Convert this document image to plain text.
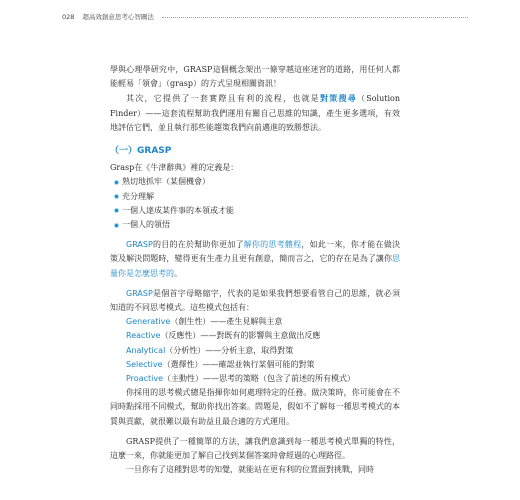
028 超高效創意思考心智圖法

學與心理學研究中，GRASP這個概念架出一條穿越這座迷宮的道路，用任何人都能輕易「領會」（grasp）的方式呈現相關資訊！

其次，它提供了一套實際且有利的流程，也就是對策搜尋（Solution Finder）——這套流程幫助我們運用有關自己思維的知識，產生更多選項，有效地評估它們，並且執行那些能趨策我們向前邁進的致勝想法。

（一）GRASP

Grasp在《牛津辭典》裡的定義是：

熟切地抓牢（某個機會）
充分理解
一個人達成某件事的本領或才能
一個人的領悟

GRASP的目的在於幫助你更加了解你的思考體程，如此一來，你才能在做決策及解決問題時，變得更有生產力且更有創意，簡而言之，它的存在是為了讓你思量你是怎麼思考的。

GRASP是個首字母略縮字，代表的是如果我們想要看管自己的思維，就必須知道的不同思考模式。這些模式包括有：

Generative（創生性）——產生見解與主意
Reactive（反應性）——對既有的影響與主意做出反應
Analytical（分析性）——分析主意，取得對策
Selective（選擇性）——確認並執行某個可能的對策
Proactive（主動性）——思考的策略（包含了前述的所有模式）

你採用的思考模式總是指揮你如何處理特定的任務。做決策時，你可能會在不同時點採用不同模式，幫助你找出答案。問題是，假如不了解每一種思考模式的本質與貢獻，就很難以最有助益且最合適的方式運用。

GRASP提供了一種簡單的方法，讓我們意識到每一種思考模式單獨的特性，這麼一來，你就能更加了解自己找到某個答案時會經過的心理路徑。

一旦你有了這種對思考的知覺，就能站在更有利的位置面對挑戰，同時
